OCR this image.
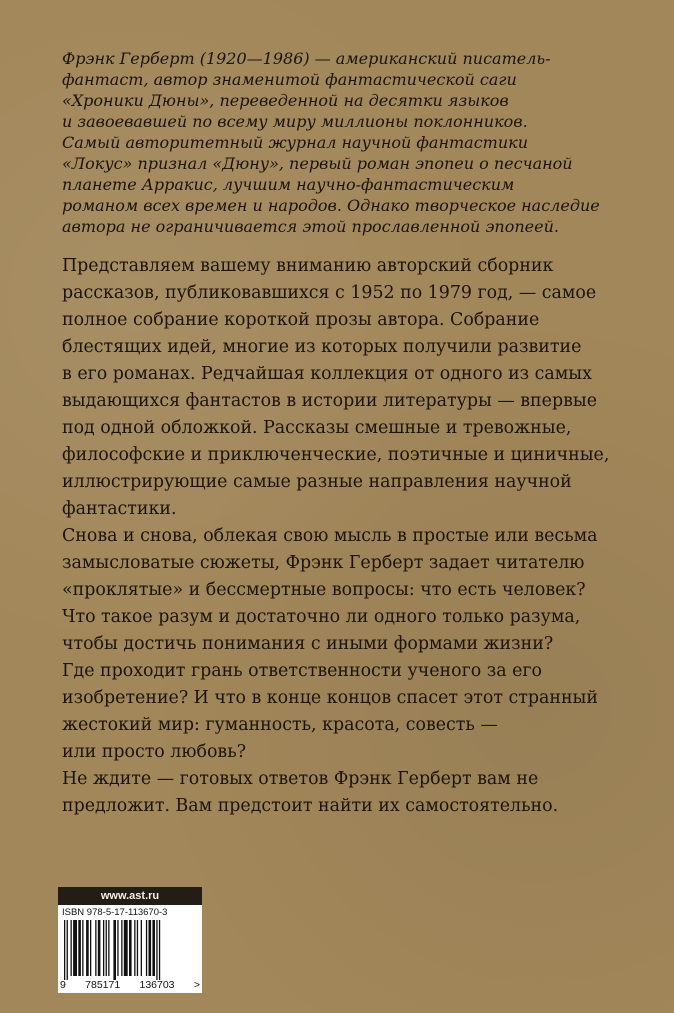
Фрэнк Герберт (1920—1986) — американский писатель-
фантаст, автор знаменитой фантастической саги
«Хроники Дюны», переведенной на десятки языков
и завоевавшей по всему миру миллионы поклонников.
Самый авторитетный журнал научной фантастики
«Локус» признал «Дюну», первый роман эпопеи о песчаной
планете Арракис, лучшим научно-фантастическим
романом всех времен и народов. Однако творческое наследие
автора не ограничивается этой прославленной эпопеей.

Представляем вашему вниманию авторский сборник
рассказов, публиковавшихся с 1952 по 1979 год, — самое
полное собрание короткой прозы автора. Собрание
блестящих идей, многие из которых получили развитие
в его романах. Редчайшая коллекция от одного из самых
выдающихся фантастов в истории литературы — впервые
под одной обложкой. Рассказы смешные и тревожные,
философские и приключенческие, поэтичные и циничные,
иллюстрирующие самые разные направления научной
фантастики.
Снова и снова, облекая свою мысль в простые или весьма
замысловатые сюжеты, Фрэнк Герберт задает читателю
«проклятые» и бессмертные вопросы: что есть человек?
Что такое разум и достаточно ли одного только разума,
чтобы достичь понимания с иными формами жизни?
Где проходит грань ответственности ученого за его
изобретение? И что в конце концов спасет этот странный
жестокий мир: гуманность, красота, совесть —
или просто любовь?
Не ждите — готовых ответов Фрэнк Герберт вам не
предложит. Вам предстоит найти их самостоятельно.

www.ast.ru
ISBN 978-5-17-113670-3
9 785171 136703 >
